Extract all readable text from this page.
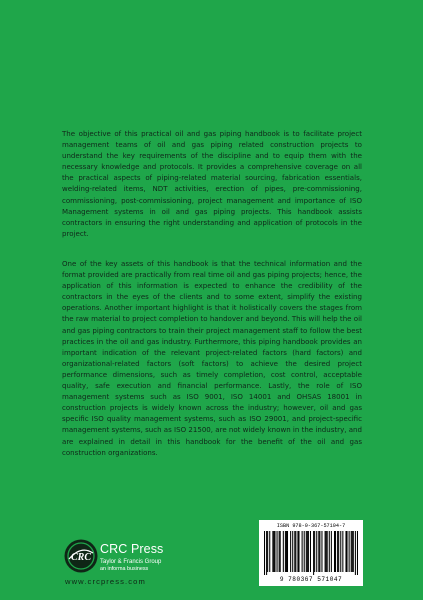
The objective of this practical oil and gas piping handbook is to facilitate project management teams of oil and gas piping related construction projects to understand the key requirements of the discipline and to equip them with the necessary knowledge and protocols. It provides a comprehensive coverage on all the practical aspects of piping-related material sourcing, fabrication essentials, welding-related items, NDT activities, erection of pipes, pre-commissioning, commissioning, post-commissioning, project management and importance of ISO Management systems in oil and gas piping projects. This handbook assists contractors in ensuring the right understanding and application of protocols in the project.
One of the key assets of this handbook is that the technical information and the format provided are practically from real time oil and gas piping projects; hence, the application of this information is expected to enhance the credibility of the contractors in the eyes of the clients and to some extent, simplify the existing operations. Another important highlight is that it holistically covers the stages from the raw material to project completion to handover and beyond. This will help the oil and gas piping contractors to train their project management staff to follow the best practices in the oil and gas industry. Furthermore, this piping handbook provides an important indication of the relevant project-related factors (hard factors) and organizational-related factors (soft factors) to achieve the desired project performance dimensions, such as timely completion, cost control, acceptable quality, safe execution and financial performance. Lastly, the role of ISO management systems such as ISO 9001, ISO 14001 and OHSAS 18001 in construction projects is widely known across the industry; however, oil and gas specific ISO quality management systems, such as ISO 29001, and project-specific management systems, such as ISO 21500, are not widely known in the industry, and are explained in detail in this handbook for the benefit of the oil and gas construction organizations.
CRC
CRC Press
Taylor & Francis Group
an informa business
www.crcpress.com
ISBN 978-0-367-57104-7
9 780367 571047
